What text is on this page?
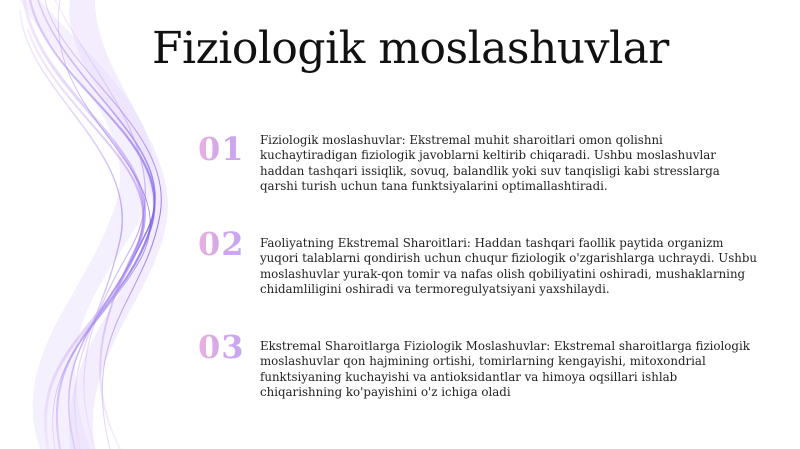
Fiziologik moslashuvlar
01 Fiziologik moslashuvlar: Ekstremal muhit sharoitlari omon qolishni kuchaytiradigan fiziologik javoblarni keltirib chiqaradi. Ushbu moslashuvlar haddan tashqari issiqlik, sovuq, balandlik yoki suv tanqisligi kabi stresslarga qarshi turish uchun tana funktsiyalarini optimallashtiradi.

02 Faoliyatning Ekstremal Sharoitlari: Haddan tashqari faollik paytida organizm yuqori talablarni qondirish uchun chuqur fiziologik o'zgarishlarga uchraydi. Ushbu moslashuvlar yurak-qon tomir va nafas olish qobiliyatini oshiradi, mushaklarning chidamliligini oshiradi va termoregulyatsiyani yaxshilaydi.

03 Ekstremal Sharoitlarga Fiziologik Moslashuvlar: Ekstremal sharoitlarga fiziologik moslashuvlar qon hajmining ortishi, tomirlarning kengayishi, mitoxondrial funktsiyaning kuchayishi va antioksidantlar va himoya oqsillari ishlab chiqarishning ko'payishini o'z ichiga oladi
